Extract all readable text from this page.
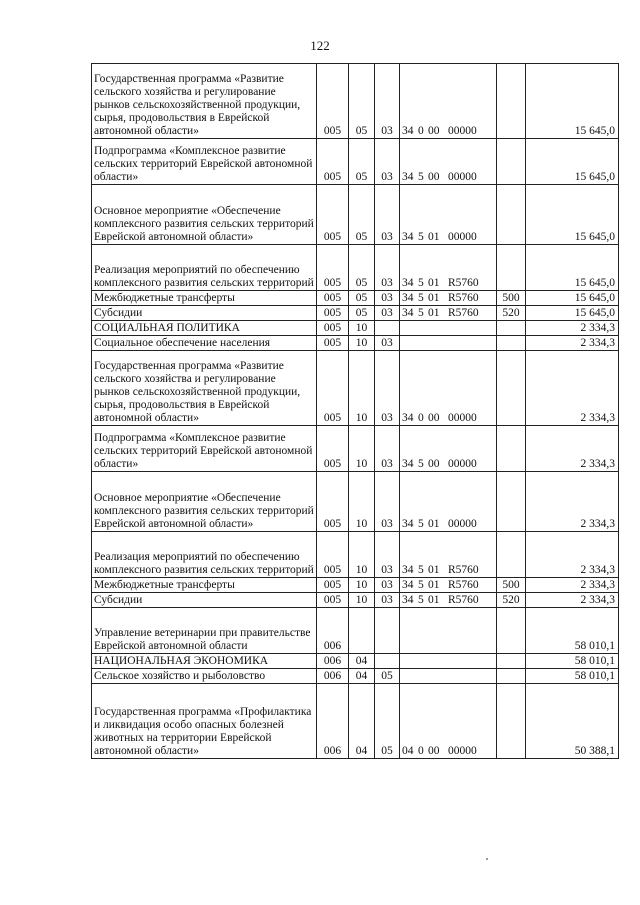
122
Государственная программа «Развитие сельского хозяйства и регулирование рынков сельскохозяйственной продукции, сырья, продовольствия в Еврейской автономной области»	005	05	03	34 0 00 00000		15 645,0
Подпрограмма «Комплексное развитие сельских территорий Еврейской автономной области»	005	05	03	34 5 00 00000		15 645,0
Основное мероприятие «Обеспечение комплексного развития сельских территорий Еврейской автономной области»	005	05	03	34 5 01 00000		15 645,0
Реализация мероприятий по обеспечению комплексного развития сельских территорий	005	05	03	34 5 01 R5760		15 645,0
Межбюджетные трансферты	005	05	03	34 5 01 R5760	500	15 645,0
Субсидии	005	05	03	34 5 01 R5760	520	15 645,0
СОЦИАЛЬНАЯ ПОЛИТИКА	005	10				2 334,3
Социальное обеспечение населения	005	10	03			2 334,3
Государственная программа «Развитие сельского хозяйства и регулирование рынков сельскохозяйственной продукции, сырья, продовольствия в Еврейской автономной области»	005	10	03	34 0 00 00000		2 334,3
Подпрограмма «Комплексное развитие сельских территорий Еврейской автономной области»	005	10	03	34 5 00 00000		2 334,3
Основное мероприятие «Обеспечение комплексного развития сельских территорий Еврейской автономной области»	005	10	03	34 5 01 00000		2 334,3
Реализация мероприятий по обеспечению комплексного развития сельских территорий	005	10	03	34 5 01 R5760		2 334,3
Межбюджетные трансферты	005	10	03	34 5 01 R5760	500	2 334,3
Субсидии	005	10	03	34 5 01 R5760	520	2 334,3
Управление ветеринарии при правительстве Еврейской автономной области	006					58 010,1
НАЦИОНАЛЬНАЯ ЭКОНОМИКА	006	04				58 010,1
Сельское хозяйство и рыболовство	006	04	05			58 010,1
Государственная программа «Профилактика и ликвидация особо опасных болезней животных на территории Еврейской автономной области»	006	04	05	04 0 00 00000		50 388,1
